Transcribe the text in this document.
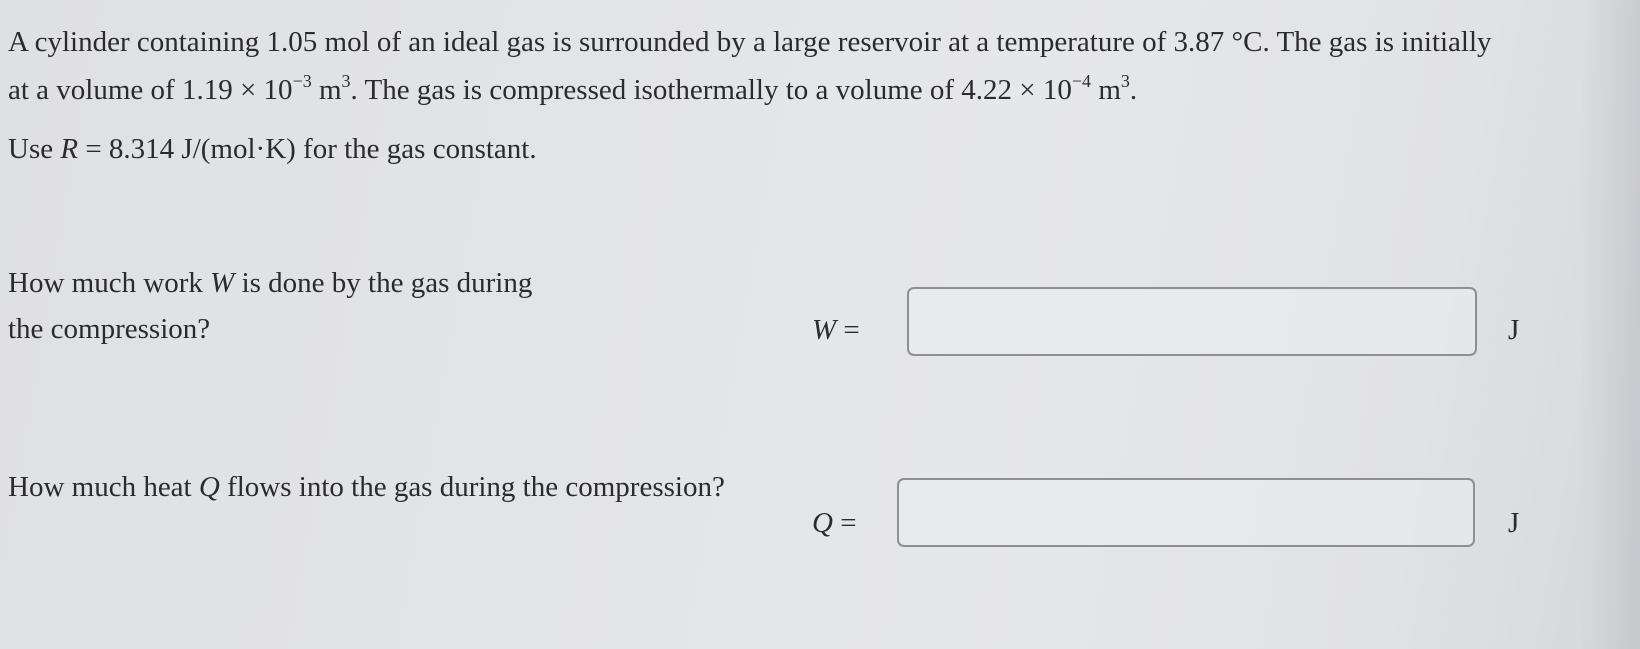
A cylinder containing 1.05 mol of an ideal gas is surrounded by a large reservoir at a temperature of 3.87 °C. The gas is initially

at a volume of $1.19 \times 10^{-3}$ $m^3$. The gas is compressed isothermally to a volume of $4.22 \times 10^{-4}$ $m^3$.

Use R = 8.314 J/(mol·K) for the gas constant.
How much work W is done by the gas during
the compression?	W =	J
How much heat Q flows into the gas during the compression?
Q =	J
